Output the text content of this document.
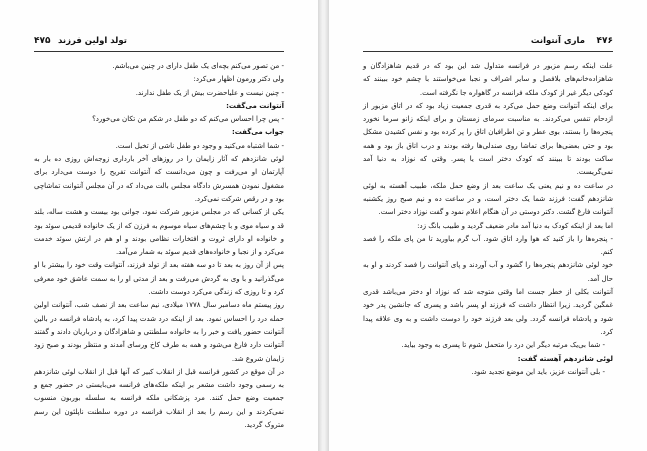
۴۷۵ تولد اولین فرزند

- من تصور می‌کنم بچه‌ای یک طفل دارای در چنین می‌باشم.

ولی دکتر ورمون اظهار می‌کرد:

- چنین نیست و علیاحضرت بیش از یک طفل ندارند.

آنتوانت می‌گفت:

- پس چرا احساس می‌کنم که دو طفل در شکم من تکان می‌خورد؟

جواب می‌گفت:

- شما اشتباه می‌کنید و وجود دو طفل ناشی از تخیل است.

لوئی شانزدهم که آثار زایمان را در روزهای آخر بارداری زوجه‌اش روزی ده بار به آپارتمان او می‌رفت و چون می‌دانست که آنتوانت تفریح را دوست می‌دارد برای مشغول نمودن همسرش دادگاه مجلس بالت می‌داد که در آن مجلس آنتوانت تماشاچی بود و در رقص شرکت نمی‌کرد.

یکی از کسانی که در مجلس مزبور شرکت نمود، جوانی بود بیست و هشت ساله، بلند قد و سیاه موی و با چشم‌های سیاه موسوم به فرزن که از یک خانواده قدیمی سوئد بود و خانواده او دارای ثروت و افتخارات نظامی بودند و او هم در ارتش سوئد خدمت می‌کرد و از نجبا و خانواده‌های قدیم سوئد به شمار می‌آمد.

پس از آن روز به بعد تا دو سه هفته بعد از تولد فرزند، آنتوانت وقت خود را بیشتر با او می‌گذرانید و با وی به گردش می‌رفت و بعد از مدتی او را به سمت عاشق خود معرفی کرد و تا روزی که زندگی می‌کرد دوست داشت.

روز پیستم ماه دسامبر سال ۱۷۷۸ میلادی، نیم ساعت بعد از نصف شب، آنتوانت اولین حمله درد را احساس نمود. بعد از اینکه درد شدت پیدا کرد، به پادشاه فرانسه در بالین آنتوانت حضور یافت و خبر را به خانواده سلطنتی و شاهزادگان و درباریان دادند و گفتند آنتوانت دارد فارغ می‌شود و همه به طرف کاخ ورسای آمدند و منتظر بودند و صبح زود زایمان شروع شد.

در آن موقع در کشور فرانسه قبل از انقلاب کبیر که آنها قبل از انقلاب لوئی شانزدهم به رسمی وجود داشت مشعر بر اینکه ملکه‌های فرانسه می‌بایستی در حضور جمع و جمعیت وضع حمل کنند. مرد پزشکانی ملکه فرانسه به سلسله بوربون منسوب نمی‌کردند و این رسم را بعد از انقلاب فرانسه در دوره سلطنت ناپلئون این رسم متروک گردید.

۴۷۶
ماری آنتوانت

علت اینکه رسم مزبور در فرانسه متداول شد این بود که در قدیم شاهزادگان و شاهزاده‌خانم‌های بلافصل و سایر اشراف و نجبا می‌خواستند با چشم خود ببینند که کودکی دیگر غیر از کودک ملکه فرانسه در گاهواره جا نگرفته است.

برای اینکه آنتوانت وضع حمل می‌کرد به قدری جمعیت زیاد بود که در اتاق مزبور از ازدحام تنفس می‌کردند. به مناسبت سرمای زمستان و برای اینکه زانو سرما نخورد پنجره‌ها را بستند، بوی عطر و تن اطرافیان اتاق را پر کرده بود و نفس کشیدن مشکل بود و حتی بعضی‌ها برای تماشا روی صندلی‌ها رفته بودند و درب اتاق باز بود و همه ساکت بودند تا ببینند که کودک دختر است یا پسر. وقتی که نوزاد به دنیا آمد نمی‌گریست.

در ساعت ده و نیم یعنی یک ساعت بعد از وضع حمل ملکه، طبیب آهسته به لوئی شانزدهم گفت: فرزند شما یک دختر است، و در ساعت ده و نیم صبح روز یکشنبه آنتوانت فارغ گشت. دکتر دوستی در آن هنگام اعلام نمود و گفت نوزاد دختر است.

اما بعد از اینکه کودک به دنیا آمد مادر ضعیف گردید و طبیب بانگ زد:

- پنجره‌ها را باز کنید که هوا وارد اتاق شود. آب گرم بیاورید تا من پای ملکه را فصد کنم.

خود لوئی شانزدهم پنجره‌ها را گشود و آب آوردند و پای آنتوانت را فصد کردند و او به حال آمد.

آنتوانت بکلی از خطر جست اما وقتی متوجه شد که نوزاد او دختر می‌باشد قدری غمگین گردید. زیرا انتظار داشت که فرزند او پسر باشد و پسری که جانشین پدر خود شود و پادشاه فرانسه گردد. ولی بعد فرزند خود را دوست داشت و به وی علاقه پیدا کرد.

- شما بی‌یک مرتبه دیگر این درد را متحمل شوم تا پسری به وجود بیاید.

لوئی شانزدهم آهسته گفت:

- بلی آنتوانت عزیز، باید این موضع تجدید شود.
